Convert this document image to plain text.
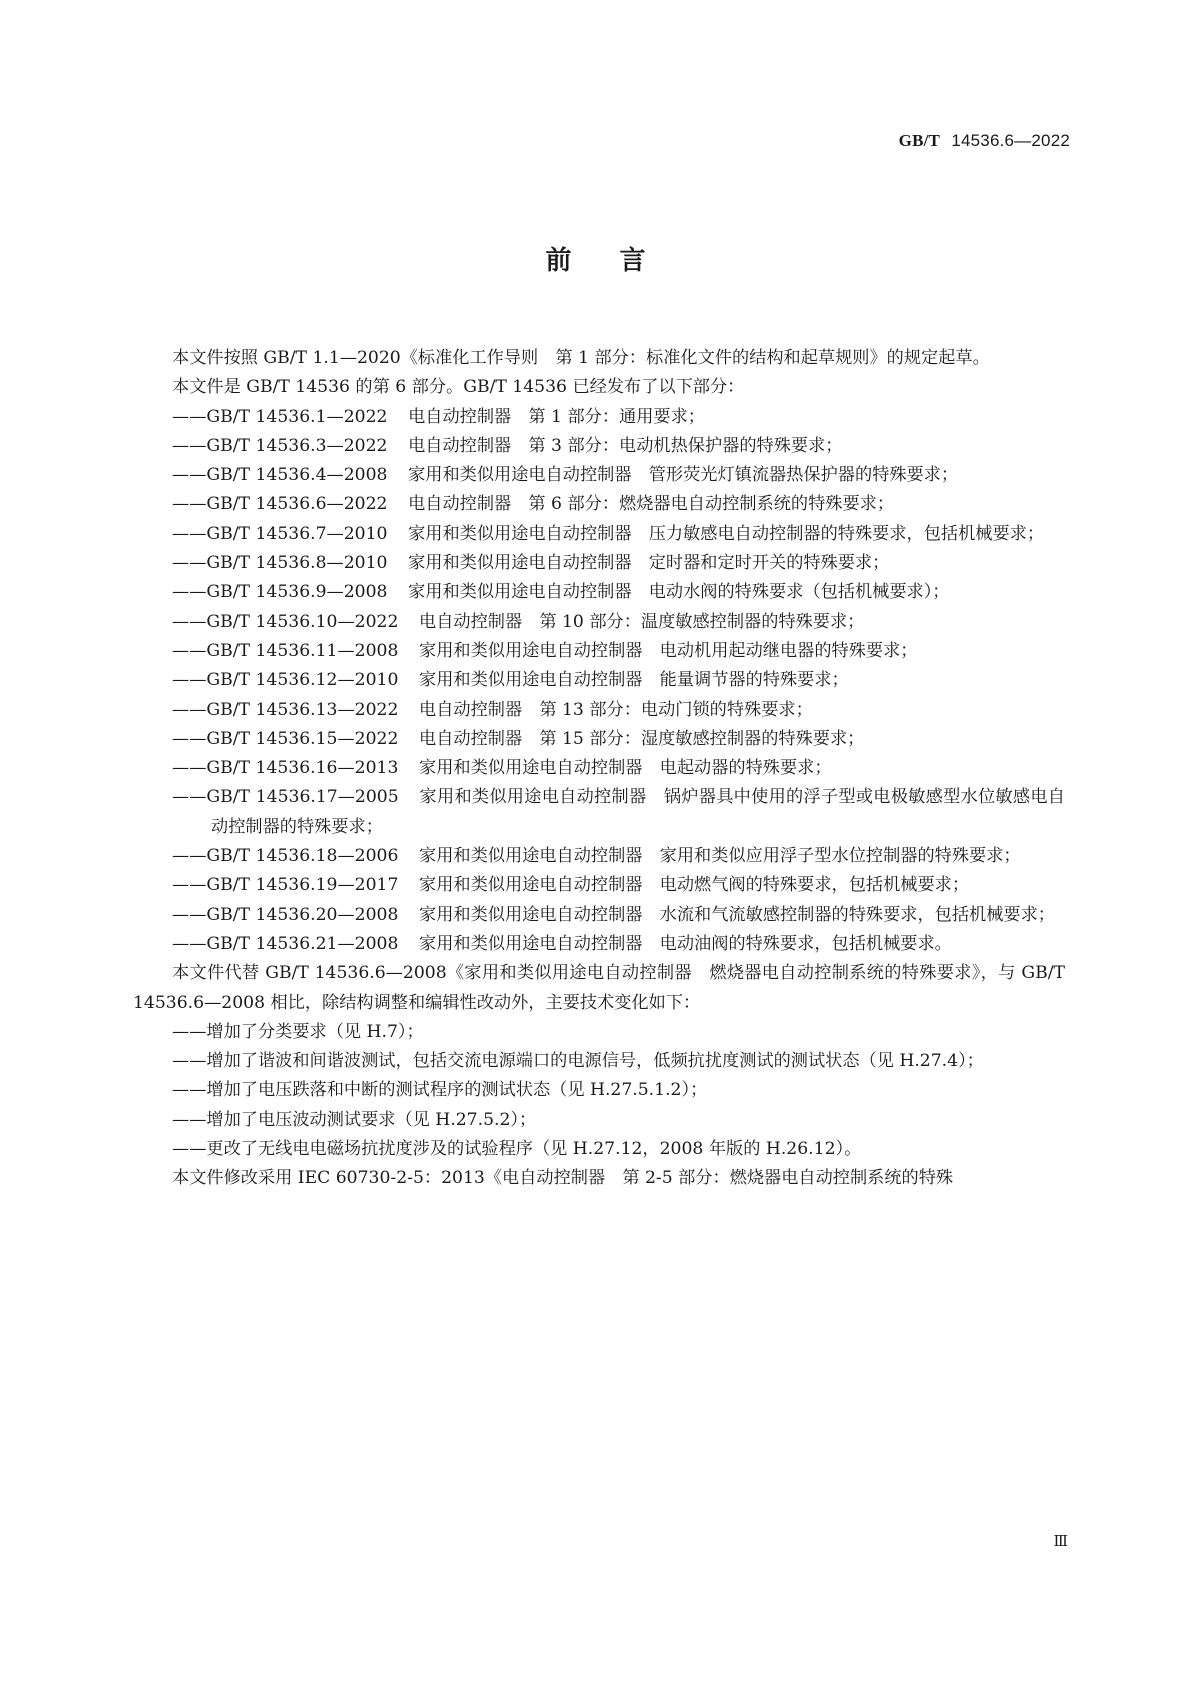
GB/T 14536.6—2022
前言

本文件按照 GB/T 1.1—2020《标准化工作导则　第 1 部分：标准化文件的结构和起草规则》的规定起草。

本文件是 GB/T 14536 的第 6 部分。GB/T 14536 已经发布了以下部分：

——GB/T 14536.1—2022 电自动控制器　第 1 部分：通用要求；

——GB/T 14536.3—2022 电自动控制器　第 3 部分：电动机热保护器的特殊要求；

——GB/T 14536.4—2008 家用和类似用途电自动控制器　管形荧光灯镇流器热保护器的特殊要求；

——GB/T 14536.6—2022 电自动控制器　第 6 部分：燃烧器电自动控制系统的特殊要求；

——GB/T 14536.7—2010 家用和类似用途电自动控制器　压力敏感电自动控制器的特殊要求，包括机械要求；

——GB/T 14536.8—2010 家用和类似用途电自动控制器　定时器和定时开关的特殊要求；

——GB/T 14536.9—2008 家用和类似用途电自动控制器　电动水阀的特殊要求（包括机械要求）；

——GB/T 14536.10—2022 电自动控制器　第 10 部分：温度敏感控制器的特殊要求；

——GB/T 14536.11—2008 家用和类似用途电自动控制器　电动机用起动继电器的特殊要求；

——GB/T 14536.12—2010 家用和类似用途电自动控制器　能量调节器的特殊要求；

——GB/T 14536.13—2022 电自动控制器　第 13 部分：电动门锁的特殊要求；

——GB/T 14536.15—2022 电自动控制器　第 15 部分：湿度敏感控制器的特殊要求；

——GB/T 14536.16—2013 家用和类似用途电自动控制器　电起动器的特殊要求；

——GB/T 14536.17—2005 家用和类似用途电自动控制器　锅炉器具中使用的浮子型或电极敏感型水位敏感电自动控制器的特殊要求；

——GB/T 14536.18—2006 家用和类似用途电自动控制器　家用和类似应用浮子型水位控制器的特殊要求；

——GB/T 14536.19—2017 家用和类似用途电自动控制器　电动燃气阀的特殊要求，包括机械要求；

——GB/T 14536.20—2008 家用和类似用途电自动控制器　水流和气流敏感控制器的特殊要求，包括机械要求；

——GB/T 14536.21—2008 家用和类似用途电自动控制器　电动油阀的特殊要求，包括机械要求。

本文件代替 GB/T 14536.6—2008《家用和类似用途电自动控制器　燃烧器电自动控制系统的特殊要求》，与 GB/T 14536.6—2008 相比，除结构调整和编辑性改动外，主要技术变化如下：

——增加了分类要求（见 H.7）；

——增加了谐波和间谐波测试，包括交流电源端口的电源信号，低频抗扰度测试的测试状态（见 H.27.4）；

——增加了电压跌落和中断的测试程序的测试状态（见 H.27.5.1.2）；

——增加了电压波动测试要求（见 H.27.5.2）；

——更改了无线电电磁场抗扰度涉及的试验程序（见 H.27.12，2008 年版的 H.26.12）。

本文件修改采用 IEC 60730-2-5：2013《电自动控制器　第 2-5 部分：燃烧器电自动控制系统的特殊

Ⅲ
